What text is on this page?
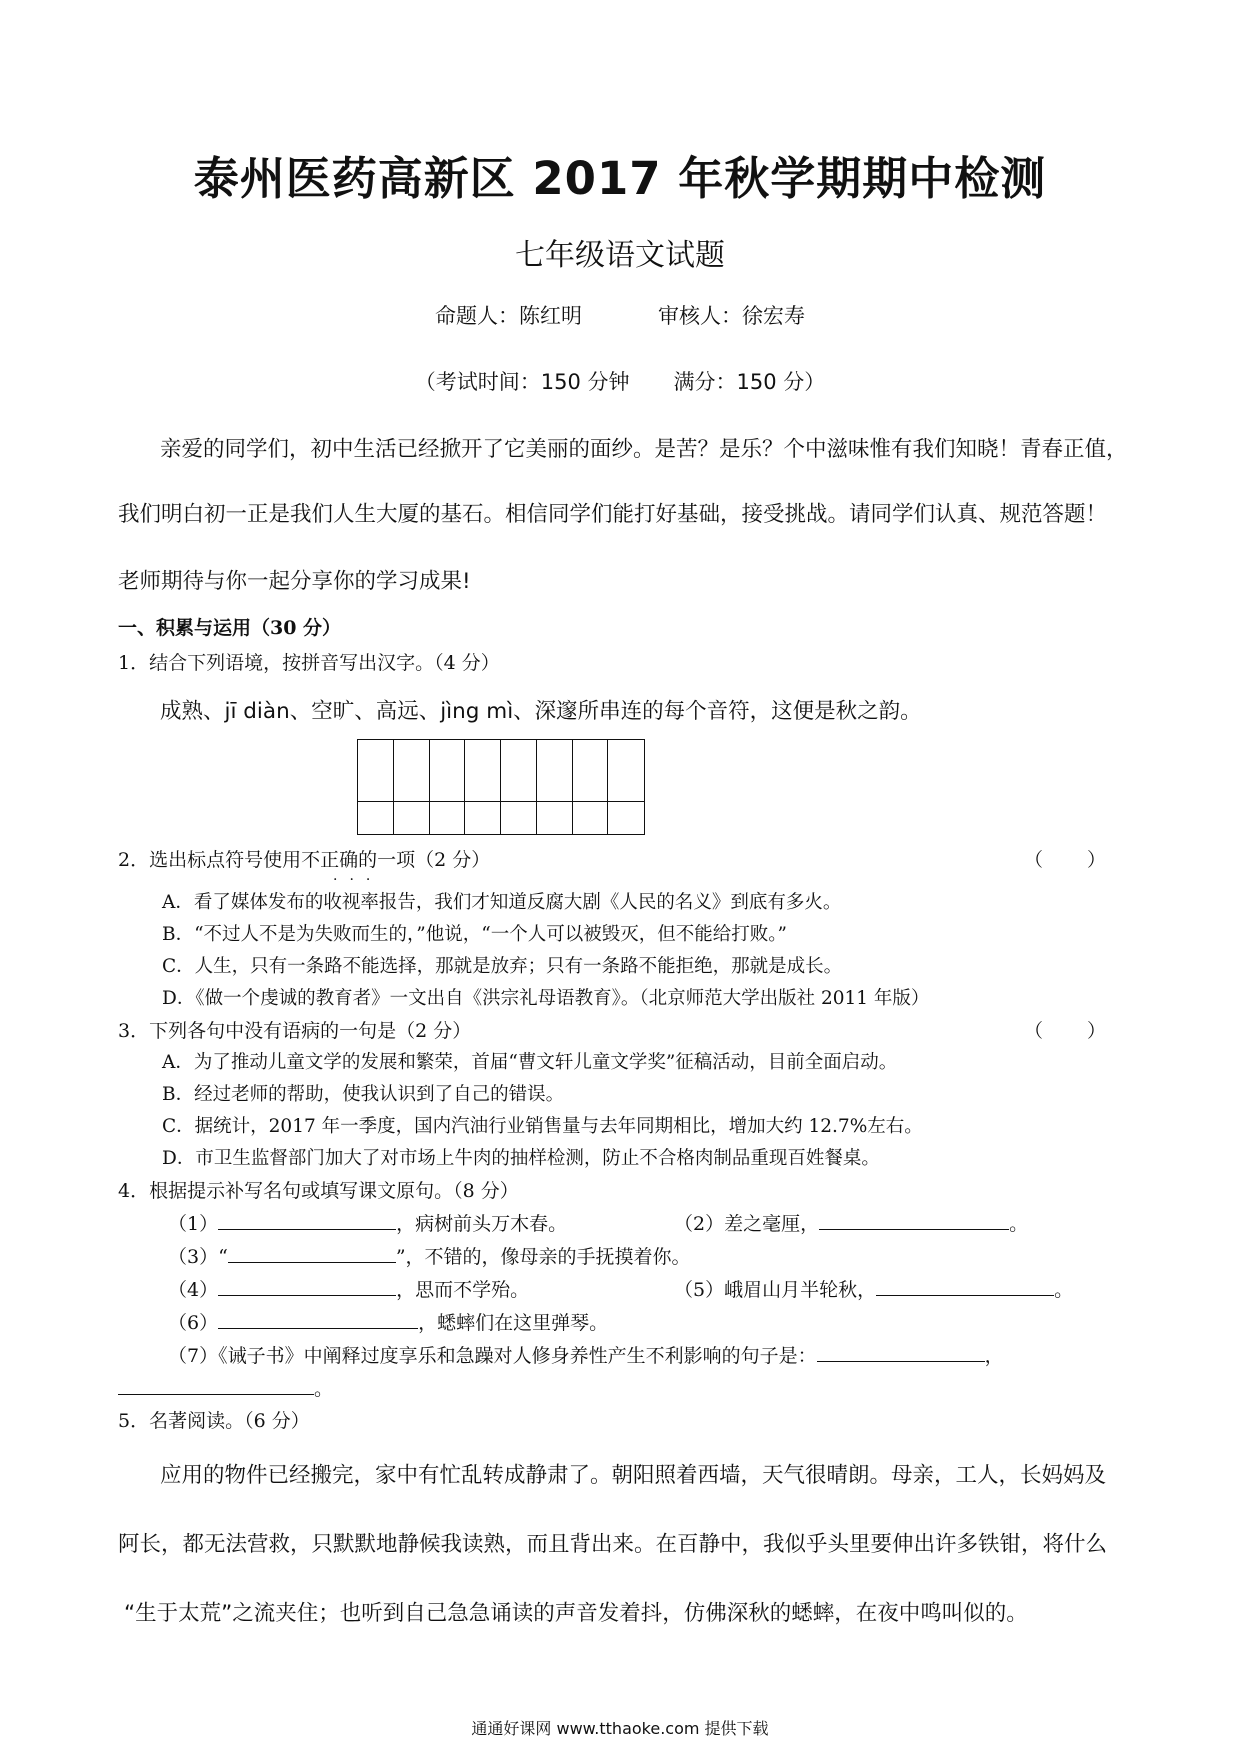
泰州医药高新区 2017 年秋学期期中检测
七年级语文试题
命题人：陈红明	审核人：徐宏寿
（考试时间：150 分钟 满分：150 分）
亲爱的同学们，初中生活已经掀开了它美丽的面纱。是苦？是乐？个中滋味惟有我们知晓！青春正值，
我们明白初一正是我们人生大厦的基石。相信同学们能打好基础，接受挑战。请同学们认真、规范答题！
老师期待与你一起分享你的学习成果!
一、积累与运用（30 分）
1．结合下列语境，按拼音写出汉字。（4 分）
成熟、jī diàn、空旷、高远、jìng mì、深邃所串连的每个音符，这便是秋之韵。
2．选出标点符号使用不正确的一项（2 分）
···
（　　）
A．看了媒体发布的收视率报告，我们才知道反腐大剧《人民的名义》到底有多火。
B．“不过人不是为失败而生的，”他说，“一个人可以被毁灭，但不能给打败。”
C．人生，只有一条路不能选择，那就是放弃；只有一条路不能拒绝，那就是成长。
D．《做一个虔诚的教育者》一文出自《洪宗礼母语教育》。（北京师范大学出版社 2011 年版）
3．下列各句中没有语病的一句是（2 分）	（　　）
A．为了推动儿童文学的发展和繁荣，首届“曹文轩儿童文学奖”征稿活动，目前全面启动。
B．经过老师的帮助，使我认识到了自己的错误。
C．据统计，2017 年一季度，国内汽油行业销售量与去年同期相比，增加大约 12.7%左右。
D．市卫生监督部门加大了对市场上牛肉的抽样检测，防止不合格肉制品重现百姓餐桌。
4．根据提示补写名句或填写课文原句。（8 分）
（1）	，病树前头万木春。	（2）差之毫厘，	。
（3）“	”，不错的，像母亲的手抚摸着你。
（4）	，思而不学殆。	（5）峨眉山月半轮秋，	。
（6）	，蟋蟀们在这里弹琴。
（7）《诫子书》中阐释过度享乐和急躁对人修身养性产生不利影响的句子是：	，
。
5．名著阅读。（6 分）
应用的物件已经搬完，家中有忙乱转成静肃了。朝阳照着西墙，天气很晴朗。母亲，工人，长妈妈及
阿长，都无法营救，只默默地静候我读熟，而且背出来。在百静中，我似乎头里要伸出许多铁钳，将什么
“生于太荒”之流夹住；也听到自己急急诵读的声音发着抖，仿佛深秋的蟋蟀，在夜中鸣叫似的。
通通好课网 www.tthaoke.com 提供下载
